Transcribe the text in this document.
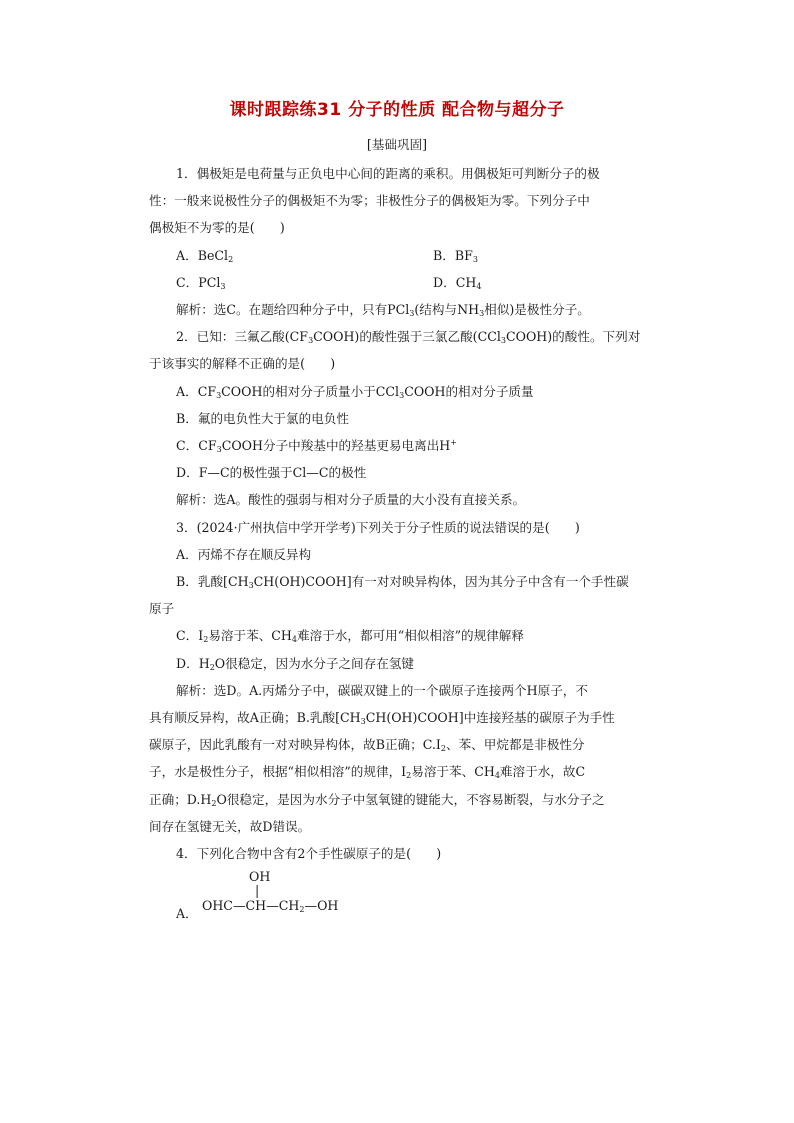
课时跟踪练31 分子的性质 配合物与超分子
[基础巩固]
1．偶极矩是电荷量与正负电中心间的距离的乘积。用偶极矩可判断分子的极
性：一般来说极性分子的偶极矩不为零；非极性分子的偶极矩为零。下列分子中
偶极矩不为零的是(　　)
A．BeCl$_2$	B．$BF_3$
C．PCl$_3$	D．$CH_4$
解析：选C。在题给四种分子中，只有PCl$_3$(结构与$NH_3$相似)是极性分子。
2．已知：三氟乙酸$(CF_3COOH)$的酸性强于三氯乙酸(CCl$_3$COOH)的酸性。下列对
于该事实的解释不正确的是(　　)
A．$CF_3COOH$的相对分子质量小于CCl$_3$COOH的相对分子质量
B．氟的电负性大于氯的电负性
C．$CF_3COOH$分子中羧基中的羟基更易电离出H+
D．F—C的极性强于Cl—C的极性
解析：选A。酸性的强弱与相对分子质量的大小没有直接关系。
3．(2024·广州执信中学开学考)下列关于分子性质的说法错误的是(　　)
A．丙烯不存在顺反异构
B．乳酸$[CH_3CH(OH)COOH]$有一对对映异构体，因为其分子中含有一个手性碳
原子
C．$I_2$易溶于苯、$CH_4$难溶于水，都可用“相似相溶”的规律解释
D．$H_2O$很稳定，因为水分子之间存在氢键
解析：选D。A.丙烯分子中，碳碳双键上的一个碳原子连接两个H原子，不
具有顺反异构，故A正确；B.乳酸$[CH_3CH(OH)COOH]$中连接羟基的碳原子为手性
碳原子，因此乳酸有一对对映异构体，故B正确；$C.I_2$、苯、甲烷都是非极性分
子，水是极性分子，根据“相似相溶”的规律，$I_2$易溶于苯、$CH_4$难溶于水，故C
正确；$D.H_2O$很稳定，是因为水分子中氢氧键的键能大，不容易断裂，与水分子之
间存在氢键无关，故D错误。
4．下列化合物中含有2个手性碳原子的是(　　)
OH
|
A．
$OHC—CH—CH_2—OH$
